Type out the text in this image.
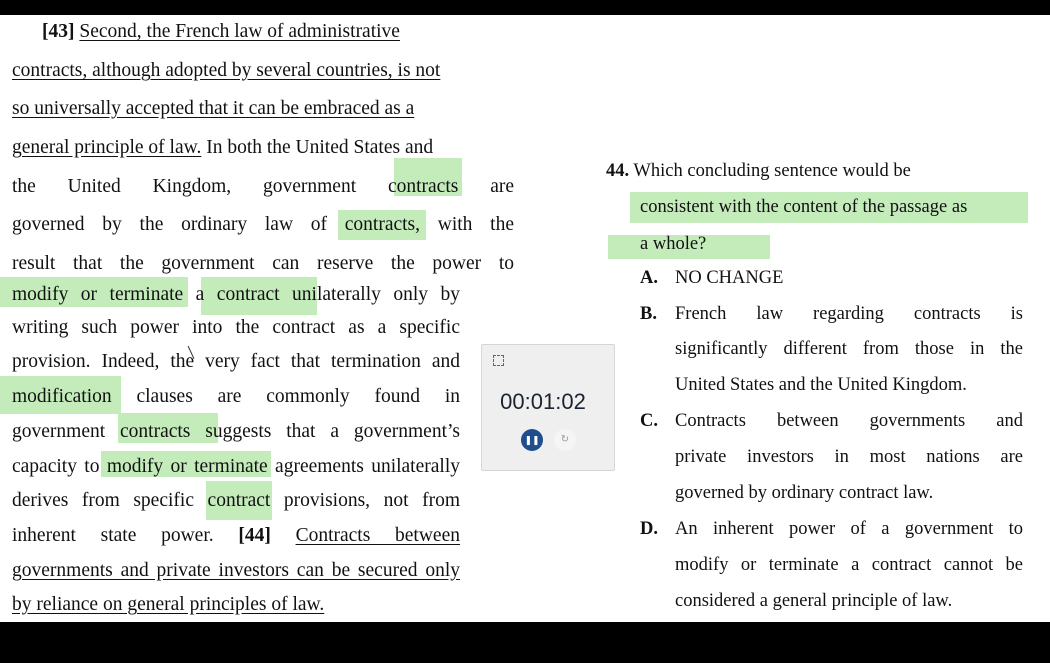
[43] Second, the French law of administrative
contracts, although adopted by several countries, is not
so universally accepted that it can be embraced as a
general principle of law. In both the United States and
the United Kingdom, government contracts are
governed by the ordinary law of contracts, with the
result that the government can reserve the power to
modify or terminate a contract unilaterally only by
writing such power into the contract as a specific
provision. Indeed, the very fact that termination and
modification clauses are commonly found in
government contracts suggests that a government’s
capacity to modify or terminate agreements unilaterally
derives from specific contract provisions, not from
inherent state power. [44] Contracts between
governments and private investors can be secured only
by reliance on general principles of law.
00:01:02
❚❚	↻
44. Which concluding sentence would be
consistent with the content of the passage as
a whole?
A. NO CHANGE
B. French law regarding contracts is
significantly different from those in the
United States and the United Kingdom.
C. Contracts between governments and
private investors in most nations are
governed by ordinary contract law.
D. An inherent power of a government to
modify or terminate a contract cannot be
considered a general principle of law.
